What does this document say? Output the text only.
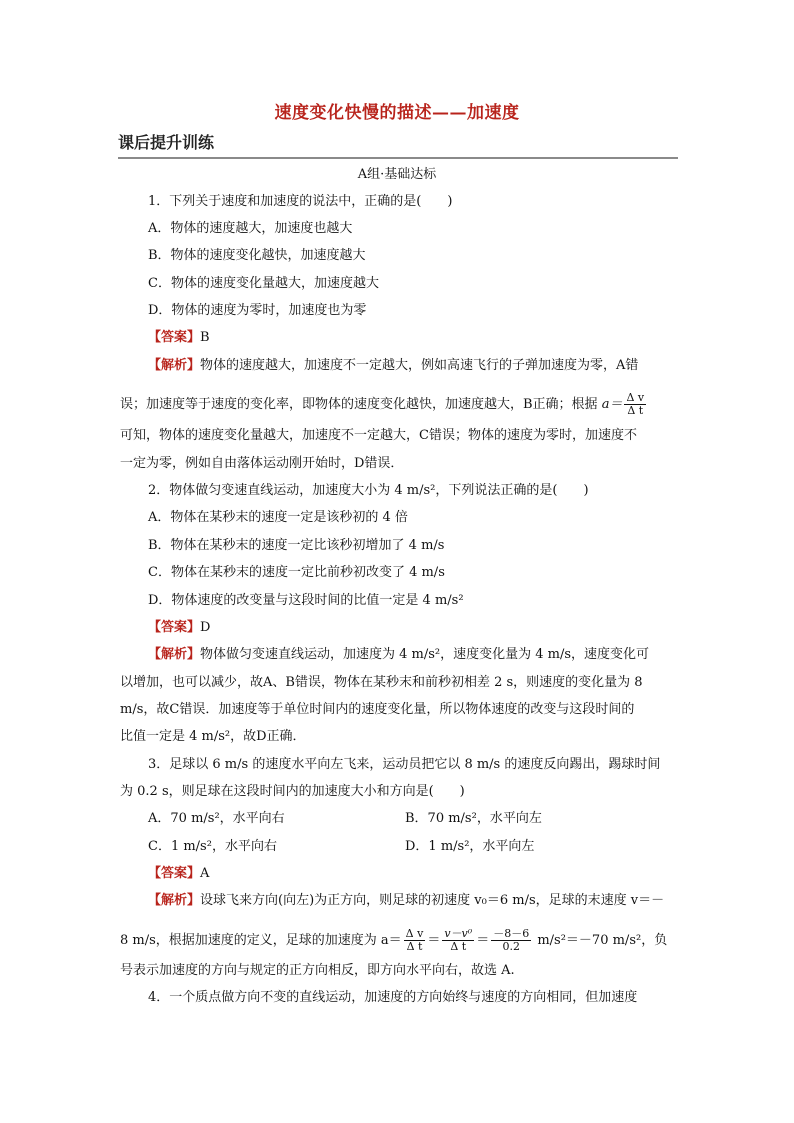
速度变化快慢的描述——加速度
课后提升训练
A组·基础达标
1．下列关于速度和加速度的说法中，正确的是(　　)
A．物体的速度越大，加速度也越大
B．物体的速度变化越快，加速度越大
C．物体的速度变化量越大，加速度越大
D．物体的速度为零时，加速度也为零
【答案】B
【解析】物体的速度越大，加速度不一定越大，例如高速飞行的子弹加速度为零，A错
误；加速度等于速度的变化率，即物体的速度变化越快，加速度越大，B正确；根据 $a= \frac{\text{Δ v}}{\text{Δ t}}$
可知，物体的速度变化量越大，加速度不一定越大，C错误；物体的速度为零时，加速度不
一定为零，例如自由落体运动刚开始时，D错误．
2．物体做匀变速直线运动，加速度大小为 4 m/s²，下列说法正确的是(　　)
A．物体在某秒末的速度一定是该秒初的 4 倍
B．物体在某秒末的速度一定比该秒初增加了 4 m/s
C．物体在某秒末的速度一定比前秒初改变了 4 m/s
D．物体速度的改变量与这段时间的比值一定是 4 m/s²
【答案】D
【解析】物体做匀变速直线运动，加速度为 4 m/s²，速度变化量为 4 m/s，速度变化可
以增加，也可以减少，故A、B错误，物体在某秒末和前秒初相差 2 s，则速度的变化量为 8
m/s，故C错误．加速度等于单位时间内的速度变化量，所以物体速度的改变与这段时间的
比值一定是 4 m/s²，故D正确．
3．足球以 6 m/s 的速度水平向左飞来，运动员把它以 8 m/s 的速度反向踢出，踢球时间
为 0.2 s，则足球在这段时间内的加速度大小和方向是(　　)
A．70 m/s²，水平向右	B．70 m/s²，水平向左
C．1 m/s²，水平向右	D．1 m/s²，水平向左
【答案】A
【解析】设球飞来方向(向左)为正方向，则足球的初速度 v₀＝6 m/s，足球的末速度 v＝－
8 m/s，根据加速度的定义，足球的加速度为 $a= \frac{\text{Δ v}}{\text{Δ t}} = \frac{\text{v－v⁰}}{\text{Δ t}} = \frac{-8-6}{0.2} m/s^2=-70$ m/s²，负
号表示加速度的方向与规定的正方向相反，即方向水平向右，故选 A.
4．一个质点做方向不变的直线运动，加速度的方向始终与速度的方向相同，但加速度
